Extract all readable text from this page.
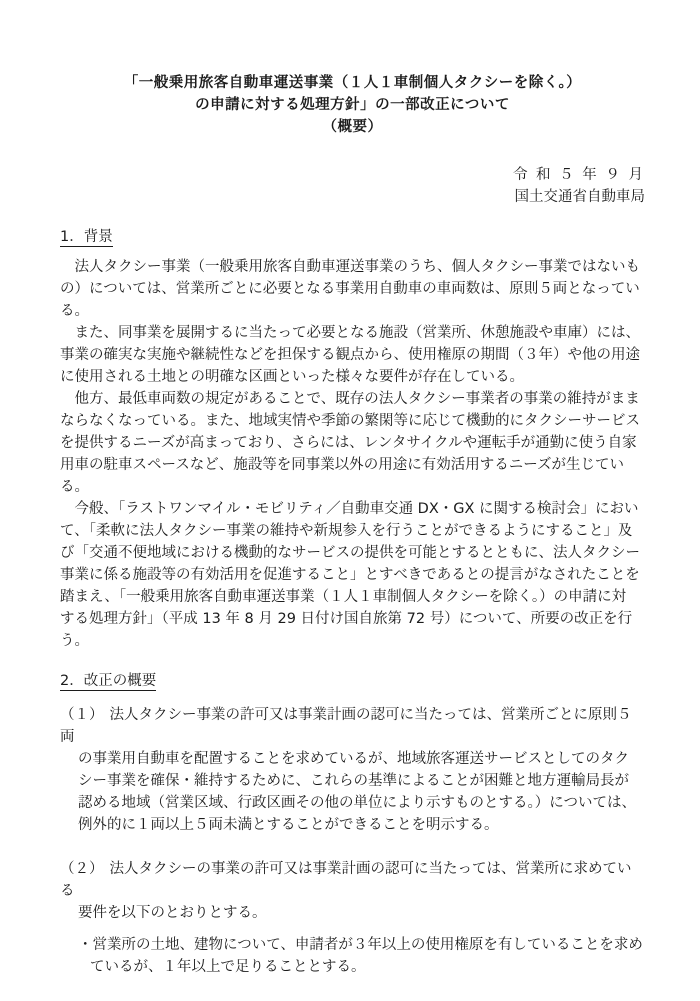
「一般乗用旅客自動車運送事業（１人１車制個人タクシーを除く。）
の申請に対する処理方針」の一部改正について
（概要）
令 和 ５ 年 ９ 月
国土交通省自動車局
1．背景
　法人タクシー事業（一般乗用旅客自動車運送事業のうち、個人タクシー事業ではないも
の）については、営業所ごとに必要となる事業用自動車の車両数は、原則５両となってい
る。
　また、同事業を展開するに当たって必要となる施設（営業所、休憩施設や車庫）には、
事業の確実な実施や継続性などを担保する観点から、使用権原の期間（３年）や他の用途
に使用される土地との明確な区画といった様々な要件が存在している。
　他方、最低車両数の規定があることで、既存の法人タクシー事業者の事業の維持がまま
ならなくなっている。また、地域実情や季節の繁閑等に応じて機動的にタクシーサービス
を提供するニーズが高まっており、さらには、レンタサイクルや運転手が通勤に使う自家
用車の駐車スペースなど、施設等を同事業以外の用途に有効活用するニーズが生じている。
　今般、「ラストワンマイル・モビリティ／自動車交通 DX・GX に関する検討会」におい
て、「柔軟に法人タクシー事業の維持や新規参入を行うことができるようにすること」及
び「交通不便地域における機動的なサービスの提供を可能とするとともに、法人タクシー
事業に係る施設等の有効活用を促進すること」とすべきであるとの提言がなされたことを
踏まえ、「一般乗用旅客自動車運送事業（１人１車制個人タクシーを除く。）の申請に対
する処理方針」（平成 13 年 8 月 29 日付け国自旅第 72 号）について、所要の改正を行う。
2．改正の概要
（１） 法人タクシー事業の許可又は事業計画の認可に当たっては、営業所ごとに原則５両
の事業用自動車を配置することを求めているが、地域旅客運送サービスとしてのタク
シー事業を確保・維持するために、これらの基準によることが困難と地方運輸局長が
認める地域（営業区域、行政区画その他の単位により示すものとする。）については、
例外的に１両以上５両未満とすることができることを明示する。
（２） 法人タクシーの事業の許可又は事業計画の認可に当たっては、営業所に求めている
要件を以下のとおりとする。
・営業所の土地、建物について、申請者が３年以上の使用権原を有していることを求め
ているが、１年以上で足りることとする。
